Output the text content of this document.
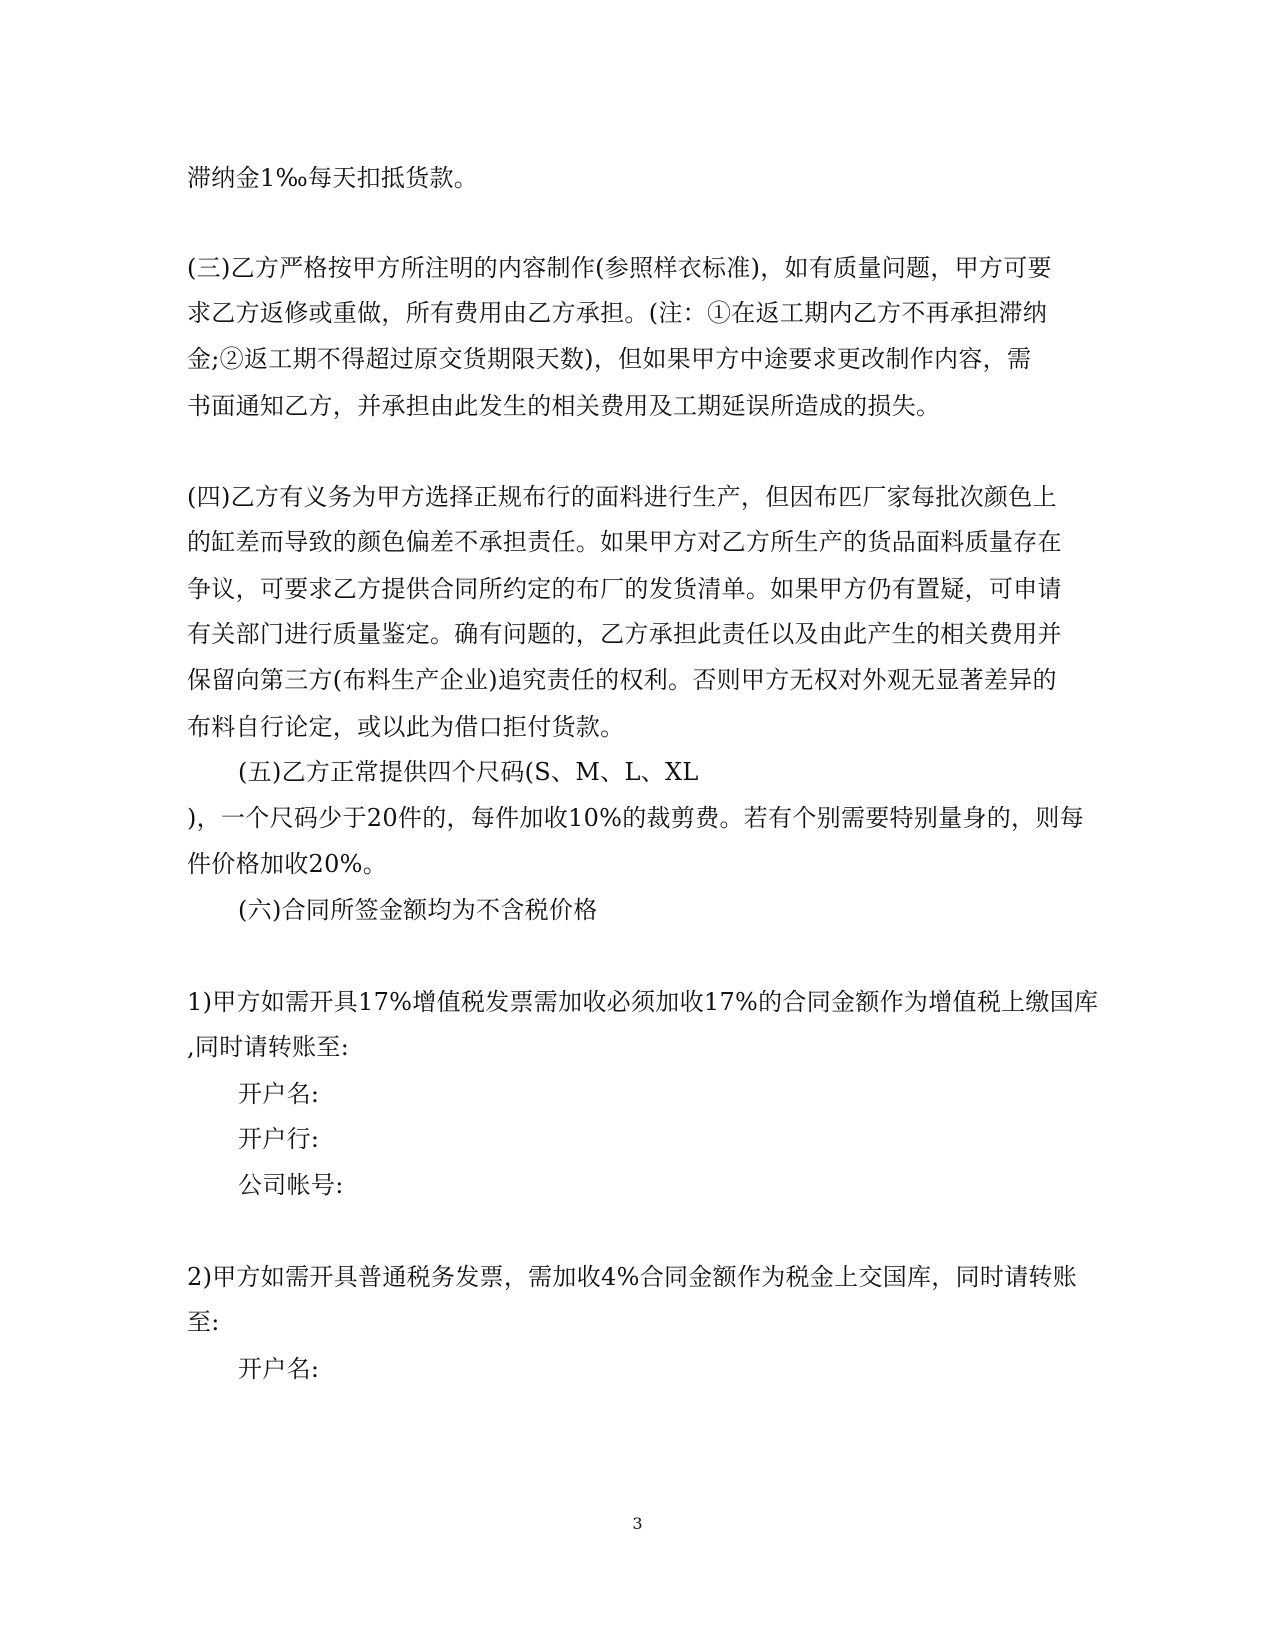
滞纳金1‰每天扣抵货款。
(三)乙方严格按甲方所注明的内容制作(参照样衣标准)，如有质量问题，甲方可要
求乙方返修或重做，所有费用由乙方承担。(注：①在返工期内乙方不再承担滞纳
金;②返工期不得超过原交货期限天数)，但如果甲方中途要求更改制作内容，需
书面通知乙方，并承担由此发生的相关费用及工期延误所造成的损失。
(四)乙方有义务为甲方选择正规布行的面料进行生产，但因布匹厂家每批次颜色上
的缸差而导致的颜色偏差不承担责任。如果甲方对乙方所生产的货品面料质量存在
争议，可要求乙方提供合同所约定的布厂的发货清单。如果甲方仍有置疑，可申请
有关部门进行质量鉴定。确有问题的，乙方承担此责任以及由此产生的相关费用并
保留向第三方(布料生产企业)追究责任的权利。否则甲方无权对外观无显著差异的
布料自行论定，或以此为借口拒付货款。
(五)乙方正常提供四个尺码(S、M、L、XL
)，一个尺码少于20件的，每件加收10%的裁剪费。若有个别需要特别量身的，则每
件价格加收20%。
(六)合同所签金额均为不含税价格
1)甲方如需开具17%增值税发票需加收必须加收17%的合同金额作为增值税上缴国库
,同时请转账至:
开户名:
开户行:
公司帐号:
2)甲方如需开具普通税务发票，需加收4%合同金额作为税金上交国库，同时请转账
至:
开户名:
3
